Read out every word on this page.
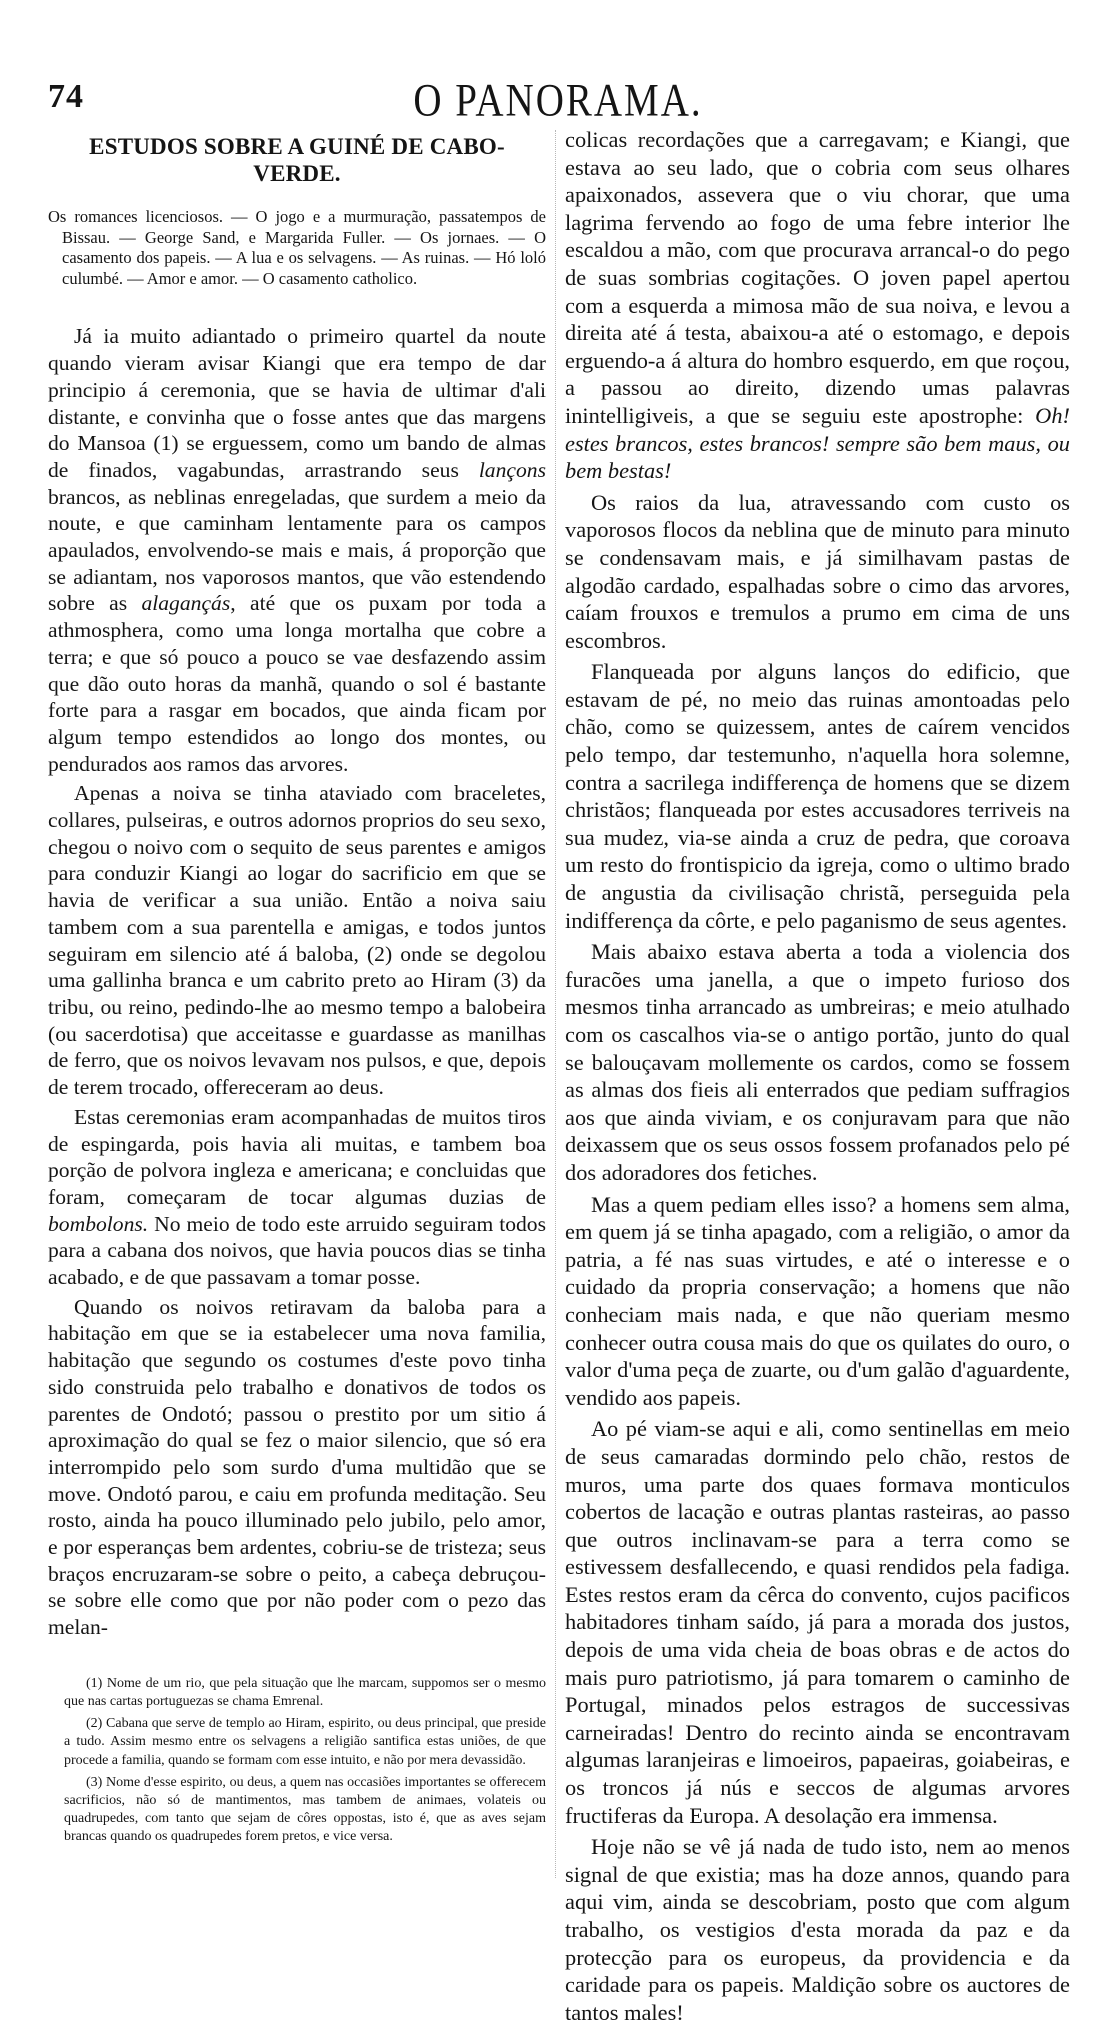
74	O PANORAMA.
ESTUDOS SOBRE A GUINÉ DE CABO-VERDE.
Os romances licenciosos. — O jogo e a murmuração, passatempos de Bissau. — George Sand, e Margarida Fuller. — Os jornaes. — O casamento dos papeis. — A lua e os selvagens. — As ruinas. — Hó loló culumbé. — Amor e amor. — O casamento catholico.

Já ia muito adiantado o primeiro quartel da noute quando vieram avisar Kiangi que era tempo de dar principio á ceremonia, que se havia de ultimar d'ali distante, e convinha que o fosse antes que das margens do Mansoa (1) se erguessem, como um bando de almas de finados, vagabundas, arrastrando seus lançons brancos, as neblinas enregeladas, que surdem a meio da noute, e que caminham lentamente para os campos apaulados, envolvendo-se mais e mais, á proporção que se adiantam, nos vaporosos mantos, que vão estendendo sobre as alagançás, até que os puxam por toda a athmosphera, como uma longa mortalha que cobre a terra; e que só pouco a pouco se vae desfazendo assim que dão outo horas da manhã, quando o sol é bastante forte para a rasgar em bocados, que ainda ficam por algum tempo estendidos ao longo dos montes, ou pendurados aos ramos das arvores.

Apenas a noiva se tinha ataviado com braceletes, collares, pulseiras, e outros adornos proprios do seu sexo, chegou o noivo com o sequito de seus parentes e amigos para conduzir Kiangi ao logar do sacrificio em que se havia de verificar a sua união. Então a noiva saiu tambem com a sua parentella e amigas, e todos juntos seguiram em silencio até á baloba, (2) onde se degolou uma gallinha branca e um cabrito preto ao Hiram (3) da tribu, ou reino, pedindo-lhe ao mesmo tempo a balobeira (ou sacerdotisa) que acceitasse e guardasse as manilhas de ferro, que os noivos levavam nos pulsos, e que, depois de terem trocado, offereceram ao deus.

Estas ceremonias eram acompanhadas de muitos tiros de espingarda, pois havia ali muitas, e tambem boa porção de polvora ingleza e americana; e concluidas que foram, começaram de tocar algumas duzias de bombolons. No meio de todo este arruido seguiram todos para a cabana dos noivos, que havia poucos dias se tinha acabado, e de que passavam a tomar posse.

Quando os noivos retiravam da baloba para a habitação em que se ia estabelecer uma nova familia, habitação que segundo os costumes d'este povo tinha sido construida pelo trabalho e donativos de todos os parentes de Ondotó; passou o prestito por um sitio á aproximação do qual se fez o maior silencio, que só era interrompido pelo som surdo d'uma multidão que se move. Ondotó parou, e caiu em profunda meditação. Seu rosto, ainda ha pouco illuminado pelo jubilo, pelo amor, e por esperanças bem ardentes, cobriu-se de tristeza; seus braços encruzaram-se sobre o peito, a cabeça debruçou-se sobre elle como que por não poder com o pezo das melan-

(1) Nome de um rio, que pela situação que lhe marcam, suppomos ser o mesmo que nas cartas portuguezas se chama Emrenal.
(2) Cabana que serve de templo ao Hiram, espirito, ou deus principal, que preside a tudo. Assim mesmo entre os selvagens a religião santifica estas uniões, de que procede a familia, quando se formam com esse intuito, e não por mera devassidão.
(3) Nome d'esse espirito, ou deus, a quem nas occasiões importantes se offerecem sacrificios, não só de mantimentos, mas tambem de animaes, volateis ou quadrupedes, com tanto que sejam de côres oppostas, isto é, que as aves sejam brancas quando os quadrupedes forem pretos, e vice versa.

colicas recordações que a carregavam; e Kiangi, que estava ao seu lado, que o cobria com seus olhares apaixonados, assevera que o viu chorar, que uma lagrima fervendo ao fogo de uma febre interior lhe escaldou a mão, com que procurava arrancal-o do pego de suas sombrias cogitações. O joven papel apertou com a esquerda a mimosa mão de sua noiva, e levou a direita até á testa, abaixou-a até o estomago, e depois erguendo-a á altura do hombro esquerdo, em que roçou, a passou ao direito, dizendo umas palavras inintelligiveis, a que se seguiu este apostrophe: Oh! estes brancos, estes brancos! sempre são bem maus, ou bem bestas!

Os raios da lua, atravessando com custo os vaporosos flocos da neblina que de minuto para minuto se condensavam mais, e já similhavam pastas de algodão cardado, espalhadas sobre o cimo das arvores, caíam frouxos e tremulos a prumo em cima de uns escombros.

Flanqueada por alguns lanços do edificio, que estavam de pé, no meio das ruinas amontoadas pelo chão, como se quizessem, antes de caírem vencidos pelo tempo, dar testemunho, n'aquella hora solemne, contra a sacrilega indifferença de homens que se dizem christãos; flanqueada por estes accusadores terriveis na sua mudez, via-se ainda a cruz de pedra, que coroava um resto do frontispicio da igreja, como o ultimo brado de angustia da civilisação christã, perseguida pela indifferença da côrte, e pelo paganismo de seus agentes.

Mais abaixo estava aberta a toda a violencia dos furacões uma janella, a que o impeto furioso dos mesmos tinha arrancado as umbreiras; e meio atulhado com os cascalhos via-se o antigo portão, junto do qual se balouçavam mollemente os cardos, como se fossem as almas dos fieis ali enterrados que pediam suffragios aos que ainda viviam, e os conjuravam para que não deixassem que os seus ossos fossem profanados pelo pé dos adoradores dos fetiches.

Mas a quem pediam elles isso? a homens sem alma, em quem já se tinha apagado, com a religião, o amor da patria, a fé nas suas virtudes, e até o interesse e o cuidado da propria conservação; a homens que não conheciam mais nada, e que não queriam mesmo conhecer outra cousa mais do que os quilates do ouro, o valor d'uma peça de zuarte, ou d'um galão d'aguardente, vendido aos papeis.

Ao pé viam-se aqui e ali, como sentinellas em meio de seus camaradas dormindo pelo chão, restos de muros, uma parte dos quaes formava monticulos cobertos de lacação e outras plantas rasteiras, ao passo que outros inclinavam-se para a terra como se estivessem desfallecendo, e quasi rendidos pela fadiga. Estes restos eram da cêrca do convento, cujos pacificos habitadores tinham saído, já para a morada dos justos, depois de uma vida cheia de boas obras e de actos do mais puro patriotismo, já para tomarem o caminho de Portugal, minados pelos estragos de successivas carneiradas! Dentro do recinto ainda se encontravam algumas laranjeiras e limoeiros, papaeiras, goiabeiras, e os troncos já nús e seccos de algumas arvores fructiferas da Europa. A desolação era immensa.

Hoje não se vê já nada de tudo isto, nem ao menos signal de que existia; mas ha doze annos, quando para aqui vim, ainda se descobriam, posto que com algum trabalho, os vestigios d'esta morada da paz e da protecção para os europeus, da providencia e da caridade para os papeis. Maldição sobre os auctores de tantos males!
